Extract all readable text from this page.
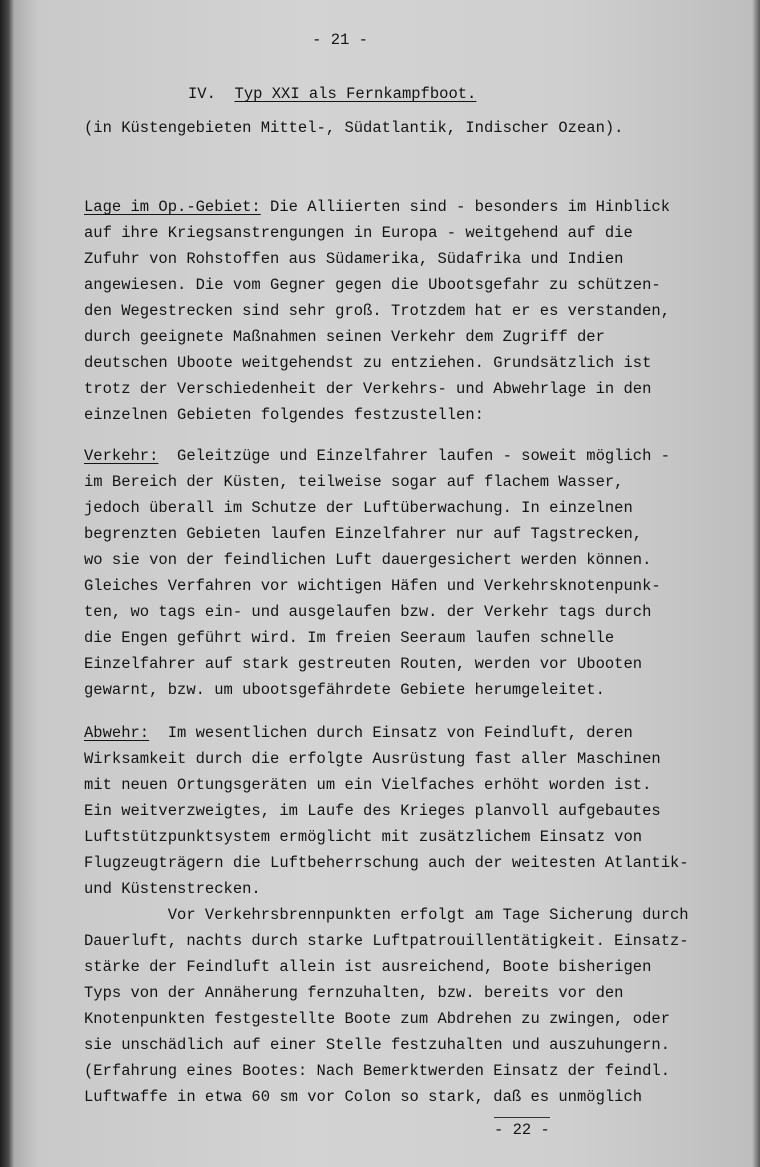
- 21 -

IV. Typ XXI als Fernkampfboot.

(in Küstengebieten Mittel-, Südatlantik, Indischer Ozean).

Lage im Op.-Gebiet: Die Alliierten sind - besonders im Hinblick

auf ihre Kriegsanstrengungen in Europa - weitgehend auf die

Zufuhr von Rohstoffen aus Südamerika, Südafrika und Indien

angewiesen. Die vom Gegner gegen die Ubootsgefahr zu schützen-

den Wegestrecken sind sehr groß. Trotzdem hat er es verstanden,

durch geeignete Maßnahmen seinen Verkehr dem Zugriff der

deutschen Uboote weitgehendst zu entziehen. Grundsätzlich ist

trotz der Verschiedenheit der Verkehrs- und Abwehrlage in den

einzelnen Gebieten folgendes festzustellen:

Verkehr:  Geleitzüge und Einzelfahrer laufen - soweit möglich -

im Bereich der Küsten, teilweise sogar auf flachem Wasser,

jedoch überall im Schutze der Luftüberwachung. In einzelnen

begrenzten Gebieten laufen Einzelfahrer nur auf Tagstrecken,

wo sie von der feindlichen Luft dauergesichert werden können.

Gleiches Verfahren vor wichtigen Häfen und Verkehrsknotenpunk-

ten, wo tags ein- und ausgelaufen bzw. der Verkehr tags durch

die Engen geführt wird. Im freien Seeraum laufen schnelle

Einzelfahrer auf stark gestreuten Routen, werden vor Ubooten

gewarnt, bzw. um ubootsgefährdete Gebiete herumgeleitet.

Abwehr:  Im wesentlichen durch Einsatz von Feindluft, deren

Wirksamkeit durch die erfolgte Ausrüstung fast aller Maschinen

mit neuen Ortungsgeräten um ein Vielfaches erhöht worden ist.

Ein weitverzweigtes, im Laufe des Krieges planvoll aufgebautes

Luftstützpunktsystem ermöglicht mit zusätzlichem Einsatz von

Flugzeugträgern die Luftbeherrschung auch der weitesten Atlantik-

und Küstenstrecken.

Vor Verkehrsbrennpunkten erfolgt am Tage Sicherung durch

Dauerluft, nachts durch starke Luftpatrouillentätigkeit. Einsatz-

stärke der Feindluft allein ist ausreichend, Boote bisherigen

Typs von der Annäherung fernzuhalten, bzw. bereits vor den

Knotenpunkten festgestellte Boote zum Abdrehen zu zwingen, oder

sie unschädlich auf einer Stelle festzuhalten und auszuhungern.

(Erfahrung eines Bootes: Nach Bemerktwerden Einsatz der feindl.

Luftwaffe in etwa 60 sm vor Colon so stark, daß es unmöglich

- 22 -
